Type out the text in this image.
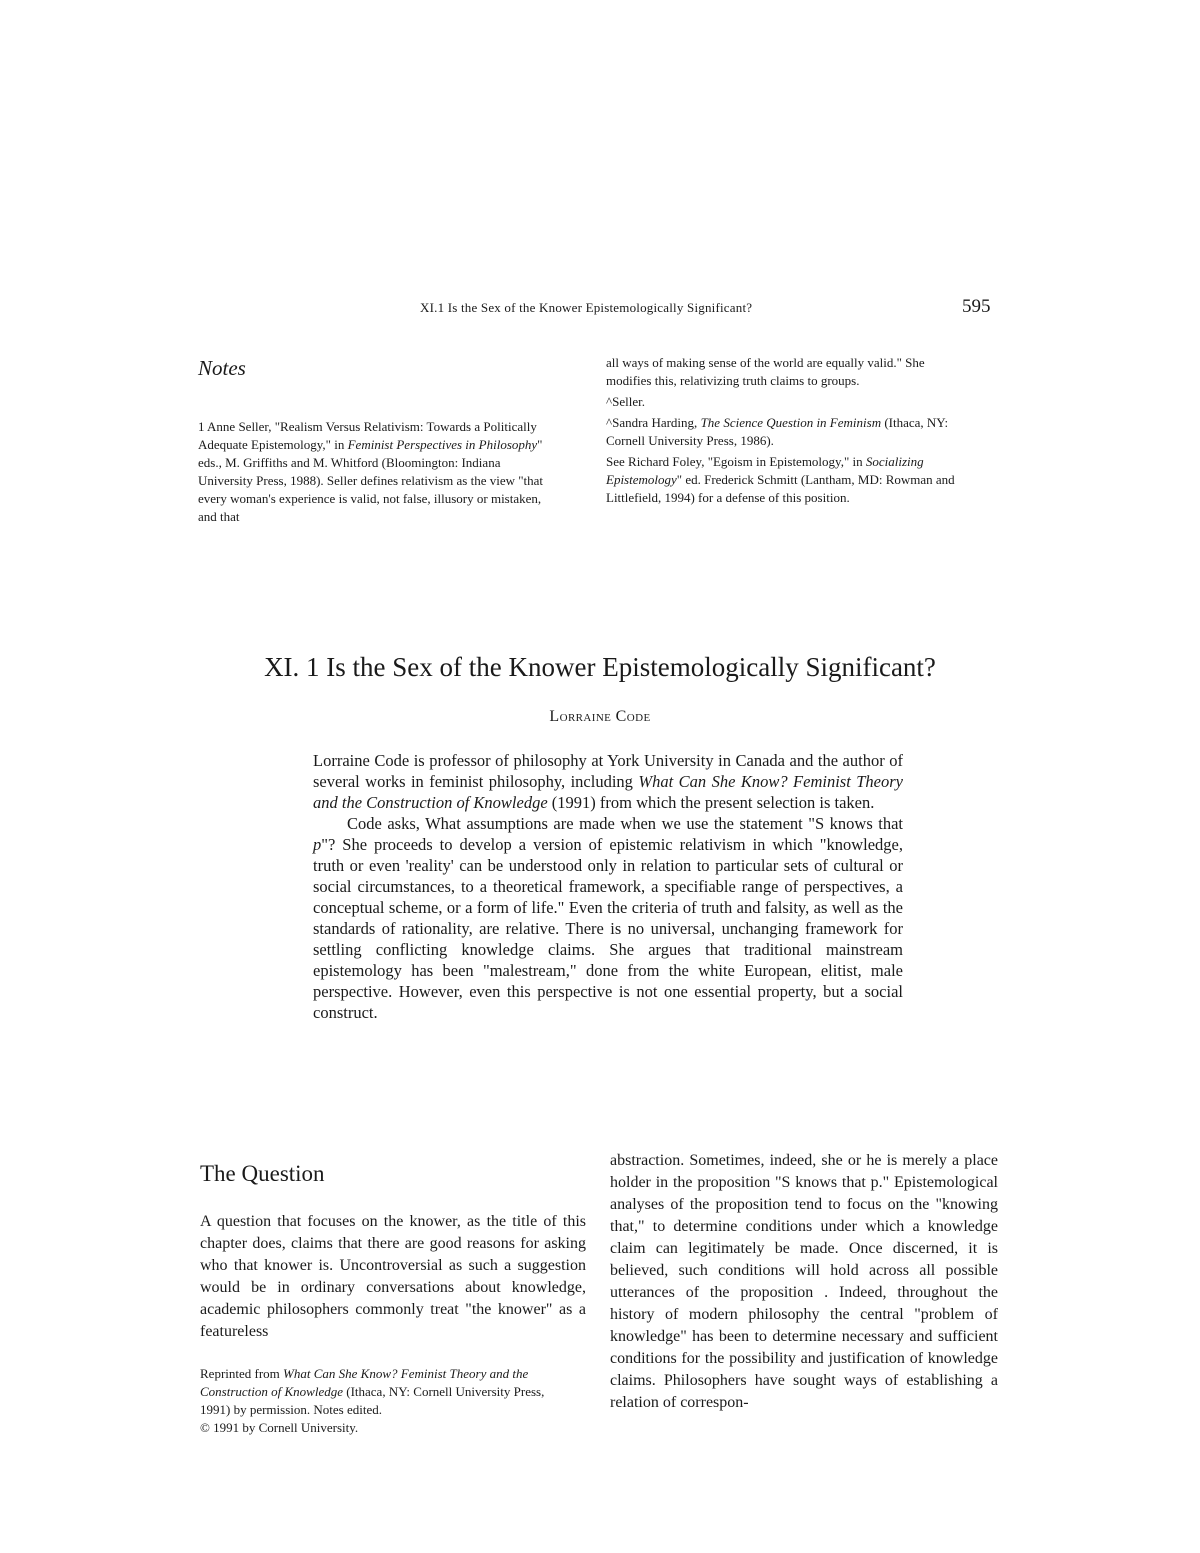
XI.1 Is the Sex of the Knower Epistemologically Significant?	595
Notes

1 Anne Seller, "Realism Versus Relativism: Towards a Politically Adequate Epistemology," in Feminist Perspectives in Philosophy" eds., M. Griffiths and M. Whitford (Bloomington: Indiana University Press, 1988). Seller defines relativism as the view "that every woman's experience is valid, not false, illusory or mistaken, and that

all ways of making sense of the world are equally valid." She modifies this, relativizing truth claims to groups.

^Seller.

^Sandra Harding, The Science Question in Feminism (Ithaca, NY: Cornell University Press, 1986).

See Richard Foley, "Egoism in Epistemology," in Socializing Epistemology" ed. Frederick Schmitt (Lantham, MD: Rowman and Littlefield, 1994) for a defense of this position.

XI. 1 Is the Sex of the Knower Epistemologically Significant?
Lorraine Code

Lorraine Code is professor of philosophy at York University in Canada and the author of several works in feminist philosophy, including What Can She Know? Feminist Theory and the Construction of Knowledge (1991) from which the present selection is taken.

Code asks, What assumptions are made when we use the statement "S knows that p"? She proceeds to develop a version of epistemic relativism in which "knowledge, truth or even 'reality' can be understood only in relation to particular sets of cultural or social circumstances, to a theoretical framework, a specifiable range of perspectives, a conceptual scheme, or a form of life." Even the criteria of truth and falsity, as well as the standards of rationality, are relative. There is no universal, unchanging framework for settling conflicting knowledge claims. She argues that traditional mainstream epistemology has been "malestream," done from the white European, elitist, male perspective. However, even this perspective is not one essential property, but a social construct.

The Question

A question that focuses on the knower, as the title of this chapter does, claims that there are good reasons for asking who that knower is. Uncontroversial as such a suggestion would be in ordinary conversations about knowledge, academic philosophers commonly treat "the knower" as a featureless

abstraction. Sometimes, indeed, she or he is merely a place holder in the proposition "S knows that p." Epistemological analyses of the proposition tend to focus on the "knowing that," to determine conditions under which a knowledge claim can legitimately be made. Once discerned, it is believed, such conditions will hold across all possible utterances of the proposition . Indeed, throughout the history of modern philosophy the central "problem of knowledge" has been to determine necessary and sufficient conditions for the possibility and justification of knowledge claims. Philosophers have sought ways of establishing a relation of correspon-

Reprinted from What Can She Know? Feminist Theory and the Construction of Knowledge (Ithaca, NY: Cornell University Press, 1991) by permission. Notes edited.

© 1991 by Cornell University.
